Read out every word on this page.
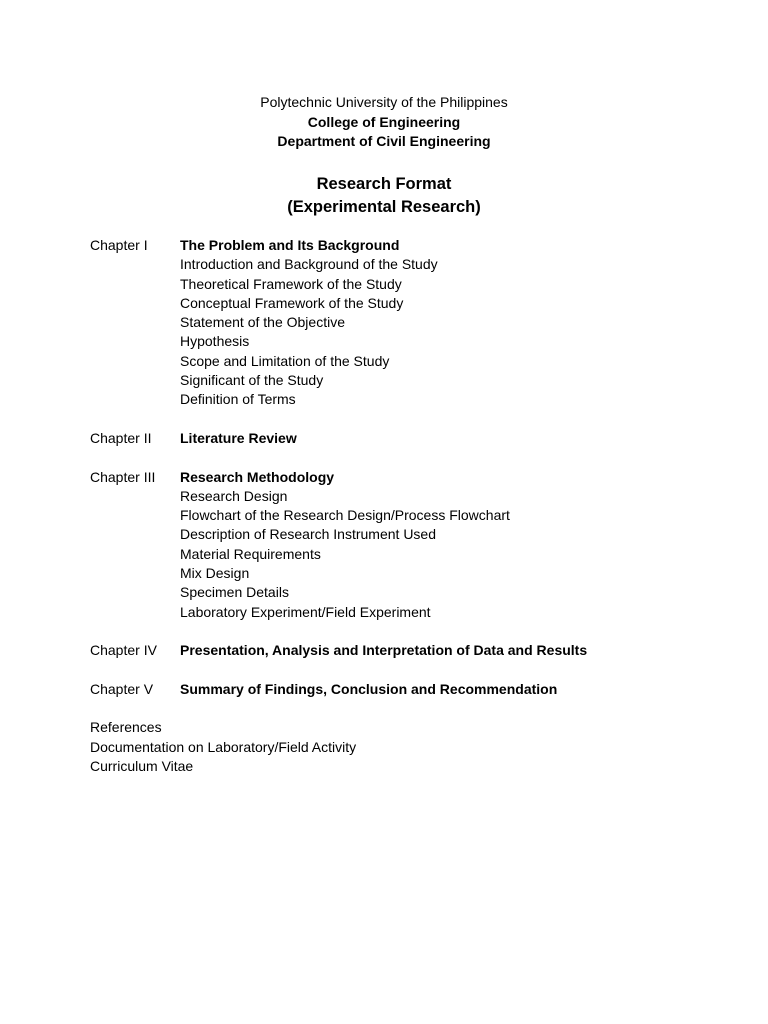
Polytechnic University of the Philippines
College of Engineering
Department of Civil Engineering
Research Format
(Experimental Research)
Chapter I	The Problem and Its Background
Introduction and Background of the Study
Theoretical Framework of the Study
Conceptual Framework of the Study
Statement of the Objective
Hypothesis
Scope and Limitation of the Study
Significant of the Study
Definition of Terms
Chapter II	Literature Review
Chapter III	Research Methodology
Research Design
Flowchart of the Research Design/Process Flowchart
Description of Research Instrument Used
Material Requirements
Mix Design
Specimen Details
Laboratory Experiment/Field Experiment
Chapter IV	Presentation, Analysis and Interpretation of Data and Results
Chapter V	Summary of Findings, Conclusion and Recommendation
References
Documentation on Laboratory/Field Activity
Curriculum Vitae
